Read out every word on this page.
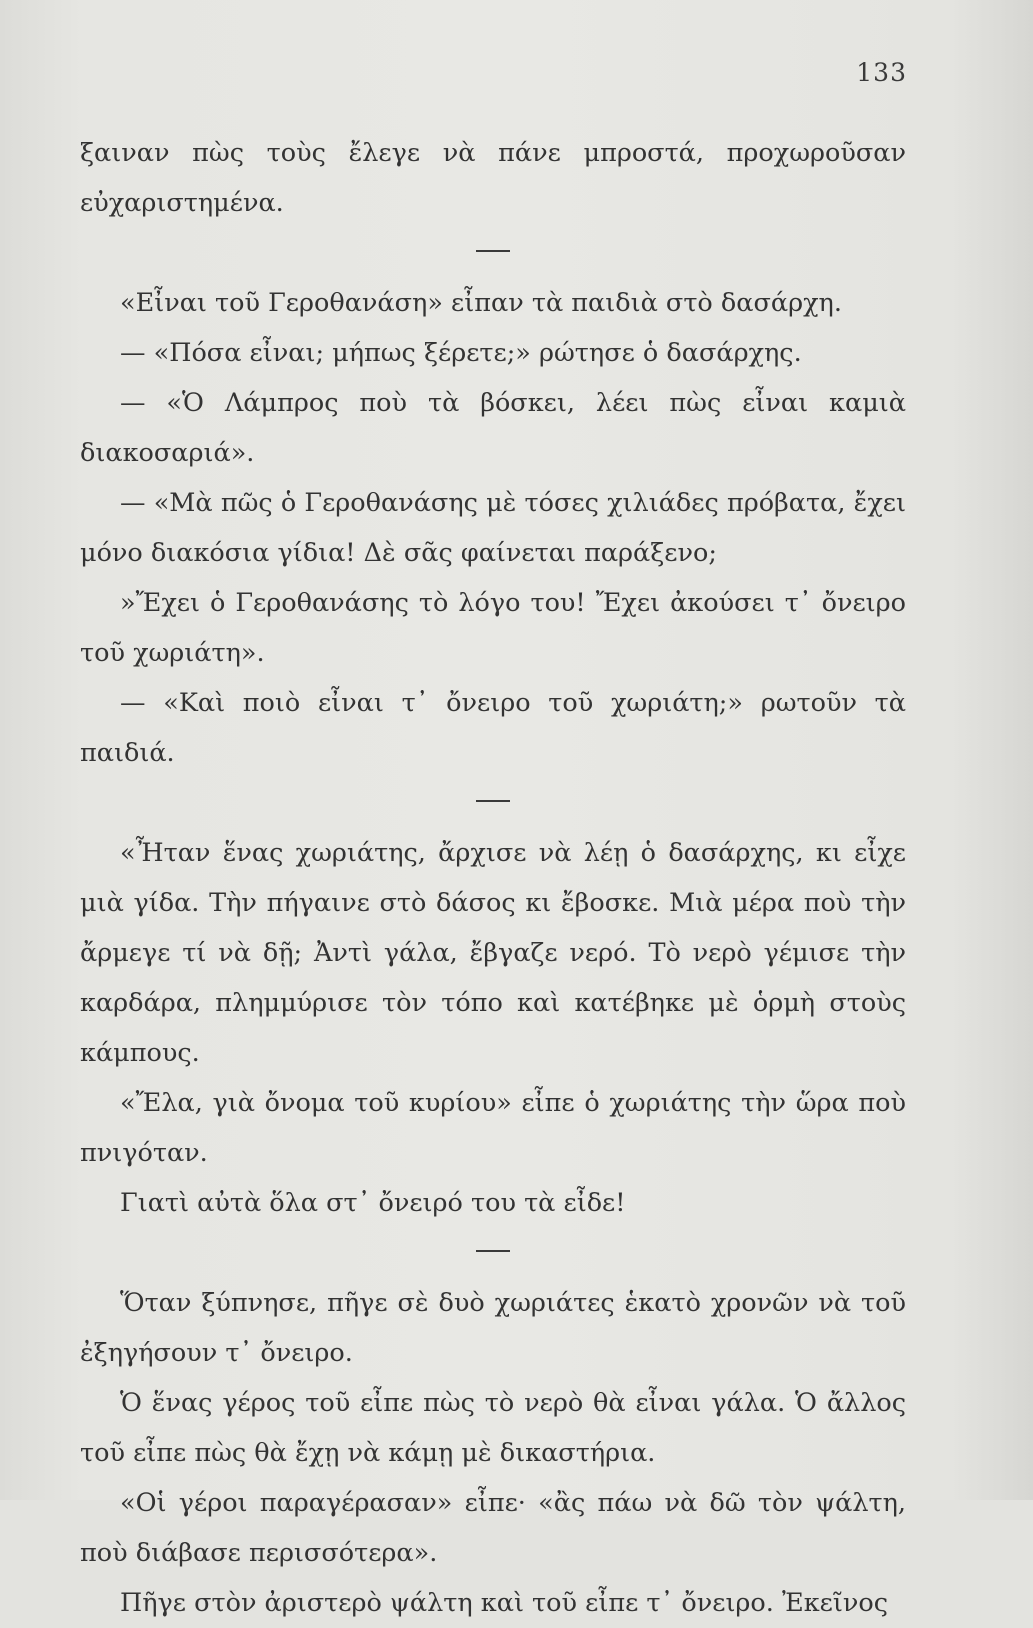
133

ξαιναν πὼς τοὺς ἔλεγε νὰ πάνε μπροστά, προχωροῦσαν εὐχαριστημένα.

«Εἶναι τοῦ Γεροθανάση» εἶπαν τὰ παιδιὰ στὸ δασάρχη.

— «Πόσα εἶναι; μήπως ξέρετε;» ρώτησε ὁ δασάρχης.

— «Ὁ Λάμπρος ποὺ τὰ βόσκει, λέει πὼς εἶναι καμιὰ διακοσαριά».

— «Μὰ πῶς ὁ Γεροθανάσης μὲ τόσες χιλιάδες πρόβατα, ἔχει μόνο διακόσια γίδια! Δὲ σᾶς φαίνεται παράξενο;

»Ἔχει ὁ Γεροθανάσης τὸ λόγο του! Ἔχει ἀκούσει τ᾽ ὄνειρο τοῦ χωριάτη».

— «Καὶ ποιὸ εἶναι τ᾽ ὄνειρο τοῦ χωριάτη;» ρωτοῦν τὰ παιδιά.

«Ἦταν ἕνας χωριάτης, ἄρχισε νὰ λέῃ ὁ δασάρχης, κι εἶχε μιὰ γίδα. Τὴν πήγαινε στὸ δάσος κι ἔβοσκε. Μιὰ μέρα ποὺ τὴν ἄρμεγε τί νὰ δῇ; Ἀντὶ γάλα, ἔβγαζε νερό. Τὸ νερὸ γέμισε τὴν καρδάρα, πλημμύρισε τὸν τόπο καὶ κατέβηκε μὲ ὁρμὴ στοὺς κάμπους.

«Ἔλα, γιὰ ὄνομα τοῦ κυρίου» εἶπε ὁ χωριάτης τὴν ὥρα ποὺ πνιγόταν.

Γιατὶ αὐτὰ ὅλα στ᾽ ὄνειρό του τὰ εἶδε!

Ὅταν ξύπνησε, πῆγε σὲ δυὸ χωριάτες ἑκατὸ χρονῶν νὰ τοῦ ἐξηγήσουν τ᾽ ὄνειρο.

Ὁ ἕνας γέρος τοῦ εἶπε πὼς τὸ νερὸ θὰ εἶναι γάλα. Ὁ ἄλλος τοῦ εἶπε πὼς θὰ ἔχῃ νὰ κάμῃ μὲ δικαστήρια.

«Οἱ γέροι παραγέρασαν» εἶπε· «ἂς πάω νὰ δῶ τὸν ψάλτη, ποὺ διάβασε περισσότερα».

Πῆγε στὸν ἀριστερὸ ψάλτη καὶ τοῦ εἶπε τ᾽ ὄνειρο. Ἐκεῖνος
